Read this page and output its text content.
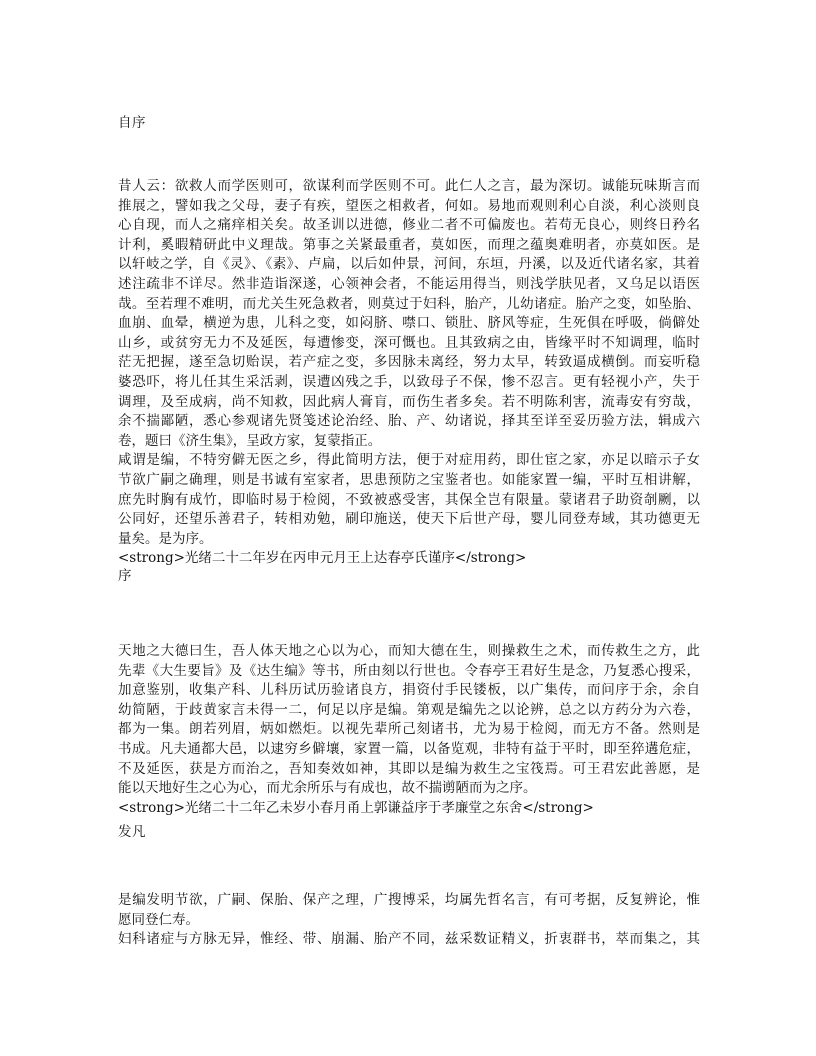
自序
昔人云：欲救人而学医则可，欲谋利而学医则不可。此仁人之言，最为深切。诚能玩味斯言而
推展之，譬如我之父母，妻子有疾，望医之相救者，何如。易地而观则利心自淡，利心淡则良
心自现，而人之痛痒相关矣。故圣训以进德，修业二者不可偏废也。若苟无良心，则终日矜名
计利，奚暇精研此中义理哉。第事之关紧最重者，莫如医，而理之蕴奥难明者，亦莫如医。是
以轩岐之学，自《灵》、《素》、卢扁，以后如仲景，河间，东垣，丹溪，以及近代诸名家，其着
述注疏非不详尽。然非造诣深遂，心领神会者，不能运用得当，则浅学肤见者，又乌足以语医
哉。至若理不难明，而尤关生死急救者，则莫过于妇科，胎产，儿幼诸症。胎产之变，如坠胎、
血崩、血晕，横逆为患，儿科之变，如闷脐、噤口、锁肚、脐风等症，生死俱在呼吸，倘僻处
山乡，或贫穷无力不及延医，每遭惨变，深可慨也。且其致病之由，皆缘平时不知调理，临时
茫无把握，遂至急切贻误，若产症之变，多因脉未离经，努力太早，转致逼成横倒。而妄听稳
婆恐吓，将儿任其生采活剥，误遭凶残之手，以致母子不保，惨不忍言。更有轻视小产，失于
调理，及至成病，尚不知救，因此病人膏肓，而伤生者多矣。若不明陈利害，流毒安有穷哉，
余不揣鄙陋，悉心参观诸先贤笺述论治经、胎、产、幼诸说，择其至详至妥历验方法，辑成六
卷，题曰《济生集》，呈政方家，复蒙指正。
咸谓是编，不特穷僻无医之乡，得此简明方法，便于对症用药，即仕宦之家，亦足以暗示子女
节欲广嗣之确理，则是书诚有室家者，思患预防之宝鉴者也。如能家置一编，平时互相讲解，
庶先时胸有成竹，即临时易于检阅，不致被惑受害，其保全岂有限量。蒙诸君子助资剞劂，以
公同好，还望乐善君子，转相劝勉，刷印施送，使天下后世产母，婴儿同登寿域，其功德更无
量矣。是为序。
<strong>光绪二十二年岁在丙申元月王上达春亭氏谨序</strong>
序
天地之大德曰生，吾人体天地之心以为心，而知大德在生，则操救生之术，而传救生之方，此
先辈《大生要旨》及《达生编》等书，所由刻以行世也。令春亭王君好生是念，乃复悉心搜采，
加意鉴别，收集产科、儿科历试历验诸良方，捐资付手民镂板，以广集传，而问序于余，余自
幼简陋，于歧黄家言未得一二，何足以序是编。第观是编先之以论辨，总之以方药分为六卷，
都为一集。朗若列眉，炳如燃炬。以视先辈所己刻诸书，尤为易于检阅，而无方不备。然则是
书成。凡夫通都大邑，以逮穷乡僻壤，家置一篇，以备览观，非特有益于平时，即至猝遘危症，
不及延医，获是方而治之，吾知奏效如神，其即以是编为救生之宝筏焉。可王君宏此善愿，是
能以天地好生之心为心，而尤余所乐与有成也，故不揣谫陋而为之序。
<strong>光绪二十二年乙未岁小春月甬上郭谦益序于孝廉堂之东舍</strong>
发凡
是编发明节欲，广嗣、保胎、保产之理，广搜博采，均属先哲名言，有可考据，反复辨论，惟
愿同登仁寿。
妇科诸症与方脉无异，惟经、带、崩漏、胎产不同，兹采数证精义，折衷群书，萃而集之，其
